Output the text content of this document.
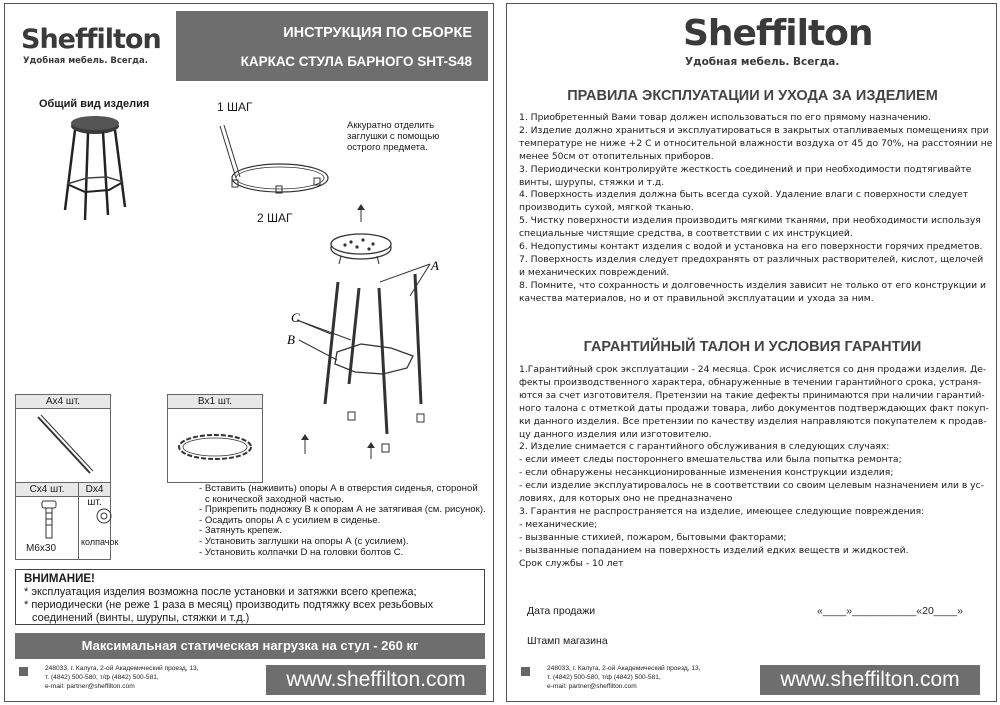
Sheffilton
Удобная мебель. Всегда.
ИНСТРУКЦИЯ ПО СБОРКЕ
КАРКАС СТУЛА БАРНОГО SHT-S48
Общий вид изделия	1 ШАГ
Аккуратно отделить
заглушки с помощью
острого предмета.
2 ШАГ
A
C
B
Ax4 шт.		Bx1 шт.

Cx4 шт. Dx4 шт.
M6x30
колпачок		

- Вставить (наживить) опоры А в отверстия сиденья, стороной
с конической заходной частью.
- Прикрепить подножку В к опорам А не затягивая (см. рисунок).
- Осадить опоры А с усилием в сиденье.
- Затянуть крепеж.
- Установить заглушки на опоры А (с усилием).
- Установить колпачки D на головки болтов С.
ВНИМАНИЕ!
* эксплуатация изделия возможна после установки и затяжки всего крепежа;
* периодически (не реже 1 раза в месяц) производить подтяжку всех резьбовых
соединений (винты, шурупы, стяжки и т.д.)
Максимальная статическая нагрузка на стул - 260 кг
248033, г. Калуга, 2-ой Академический проезд, 13,
т. (4842) 500-580, т/ф (4842) 500-581,
e-mail: partner@sheffilton.com	www.sheffilton.com
Sheffilton
Удобная мебель. Всегда.
ПРАВИЛА ЭКСПЛУАТАЦИИ И УХОДА ЗА ИЗДЕЛИЕМ
1. Приобретенный Вами товар должен использоваться по его прямому назначению.
2. Изделие должно храниться и эксплуатироваться в закрытых отапливаемых помещениях при
температуре не ниже +2 С и относительной влажности воздуха от 45 до 70%, на расстоянии не
менее 50см от отопительных приборов.
3. Периодически контролируйте жесткость соединений и при необходимости подтягивайте
винты, шурупы, стяжки и т.д.
4. Поверхность изделия должна быть всегда сухой. Удаление влаги с поверхности следует
производить сухой, мягкой тканью.
5. Чистку поверхности изделия производить мягкими тканями, при необходимости используя
специальные чистящие средства, в соответствии с их инструкцией.
6. Недопустимы контакт изделия с водой и установка на его поверхности горячих предметов.
7. Поверхность изделия следует предохранять от различных растворителей, кислот, щелочей
и механических повреждений.
8. Помните, что сохранность и долговечность изделия зависит не только от его конструкции и
качества материалов, но и от правильной эксплуатации и ухода за ним.
ГАРАНТИЙНЫЙ ТАЛОН И УСЛОВИЯ ГАРАНТИИ
1.Гарантийный срок эксплуатации - 24 месяца. Срок исчисляется со дня продажи изделия. Де-
фекты производственного характера, обнаруженные в течении гарантийного срока, устраня-
ются за счет изготовителя. Претензии на такие дефекты принимаются при наличии гарантий-
ного талона с отметкой даты продажи товара, либо документов подтверждающих факт покуп-
ки данного изделия. Все претензии по качеству изделия направляются покупателем к продав-
цу данного изделия или изготовителю.
2. Изделие снимается с гарантийного обслуживания в следующих случаях:
- если имеет следы постороннего вмешательства или была попытка ремонта;
- если обнаружены несанкционированные изменения конструкции изделия;
- если изделие эксплуатировалось не в соответствии со своим целевым назначением или в ус-
ловиях, для которых оно не предназначено
3. Гарантия не распространяется на изделие, имеющее следующие повреждения:
- механические;
- вызванные стихией, пожаром, бытовыми факторами;
- вызванные попаданием на поверхность изделий едких веществ и жидкостей.
Срок службы - 10 лет
Дата продажи	«____»___________«20____»
Штамп магазина
248033, г. Калуга, 2-ой Академический проезд, 13,
т. (4842) 500-580, т/ф (4842) 500-581,
e-mail: partner@sheffilton.com	www.sheffilton.com
